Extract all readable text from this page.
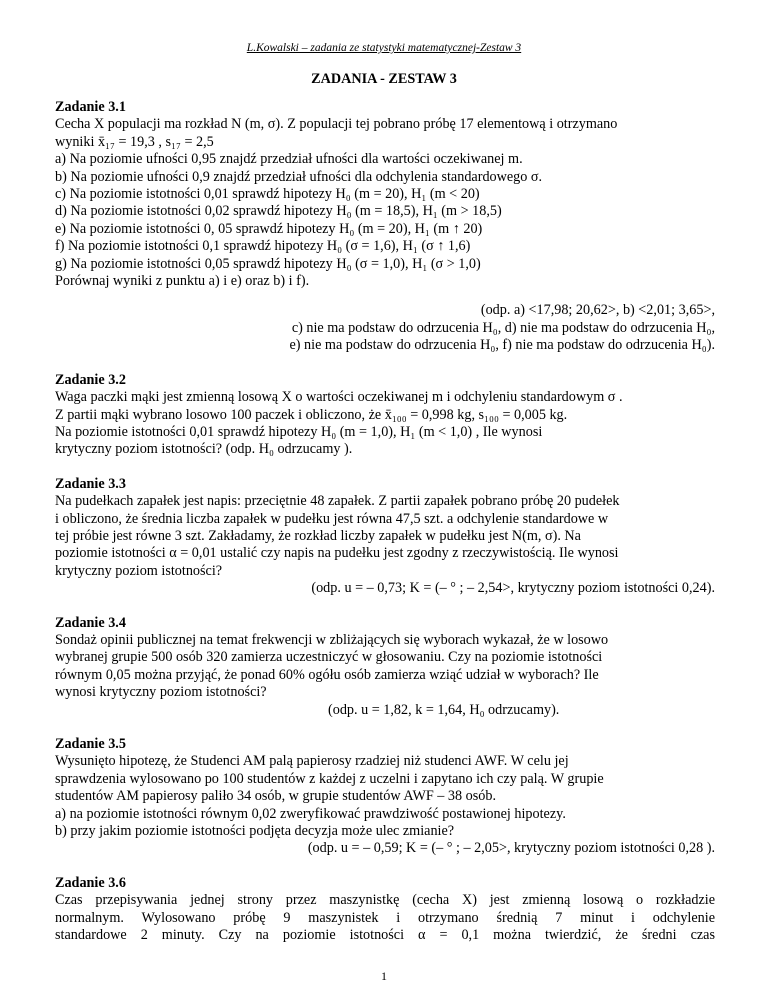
L.Kowalski – zadania ze statystyki matematycznej-Zestaw 3
ZADANIA - ZESTAW 3
Zadanie 3.1
Cecha X populacji ma rozkład N (m, σ). Z populacji tej pobrano próbę 17 elementową i otrzymano
wyniki x̄₁₇ = 19,3 , s₁₇ = 2,5
a) Na poziomie ufności 0,95 znajdź przedział ufności dla wartości oczekiwanej m.
b) Na poziomie ufności 0,9 znajdź przedział ufności dla odchylenia standardowego σ.
c) Na poziomie istotności 0,01 sprawdź hipotezy H₀ (m = 20), H₁ (m < 20)
d) Na poziomie istotności 0,02 sprawdź hipotezy H₀ (m = 18,5), H₁ (m > 18,5)
e) Na poziomie istotności 0, 05 sprawdź hipotezy H₀ (m = 20), H₁ (m ↑ 20)
f) Na poziomie istotności 0,1 sprawdź hipotezy H₀ (σ = 1,6), H₁ (σ ↑ 1,6)
g) Na poziomie istotności 0,05 sprawdź hipotezy H₀ (σ = 1,0), H₁ (σ > 1,0)
Porównaj wyniki z punktu a) i e) oraz b) i f).
(odp. a) <17,98; 20,62>, b) <2,01; 3,65>,
c) nie ma podstaw do odrzucenia H₀, d) nie ma podstaw do odrzucenia H₀,
e) nie ma podstaw do odrzucenia H₀, f) nie ma podstaw do odrzucenia H₀).
Zadanie 3.2
Waga paczki mąki jest zmienną losową X o wartości oczekiwanej m i odchyleniu standardowym σ .
Z partii mąki wybrano losowo 100 paczek i obliczono, że x̄₁₀₀ = 0,998 kg, s₁₀₀ = 0,005 kg.
Na poziomie istotności 0,01 sprawdź hipotezy H₀ (m = 1,0), H₁ (m < 1,0) , Ile wynosi
krytyczny poziom istotności? (odp. H₀ odrzucamy ).
Zadanie 3.3
Na pudełkach zapałek jest napis: przeciętnie 48 zapałek. Z partii zapałek pobrano próbę 20 pudełek
i obliczono, że średnia liczba zapałek w pudełku jest równa 47,5 szt. a odchylenie standardowe w
tej próbie jest równe 3 szt. Zakładamy, że rozkład liczby zapałek w pudełku jest N(m, σ). Na
poziomie istotności α = 0,01 ustalić czy napis na pudełku jest zgodny z rzeczywistością. Ile wynosi
krytyczny poziom istotności?
(odp. u = – 0,73; K = (– ° ; – 2,54>, krytyczny poziom istotności 0,24).
Zadanie 3.4
Sondaż opinii publicznej na temat frekwencji w zbliżających się wyborach wykazał, że w losowo
wybranej grupie 500 osób 320 zamierza uczestniczyć w głosowaniu. Czy na poziomie istotności
równym 0,05 można przyjąć, że ponad 60% ogółu osób zamierza wziąć udział w wyborach? Ile
wynosi krytyczny poziom istotności?
(odp. u = 1,82, k = 1,64, H₀ odrzucamy).
Zadanie 3.5
Wysunięto hipotezę, że Studenci AM palą papierosy rzadziej niż studenci AWF. W celu jej
sprawdzenia wylosowano po 100 studentów z każdej z uczelni i zapytano ich czy palą. W grupie
studentów AM papierosy paliło 34 osób, w grupie studentów AWF – 38 osób.
a) na poziomie istotności równym 0,02 zweryfikować prawdziwość postawionej hipotezy.
b) przy jakim poziomie istotności podjęta decyzja może ulec zmianie?
(odp. u = – 0,59; K = (– ° ; – 2,05>, krytyczny poziom istotności 0,28 ).
Zadanie 3.6
Czas przepisywania jednej strony przez maszynistkę (cecha X) jest zmienną losową o rozkładzie
normalnym. Wylosowano próbę 9 maszynistek i otrzymano średnią 7 minut i odchylenie
standardowe 2 minuty. Czy na poziomie istotności α = 0,1 można twierdzić, że średni czas
1
